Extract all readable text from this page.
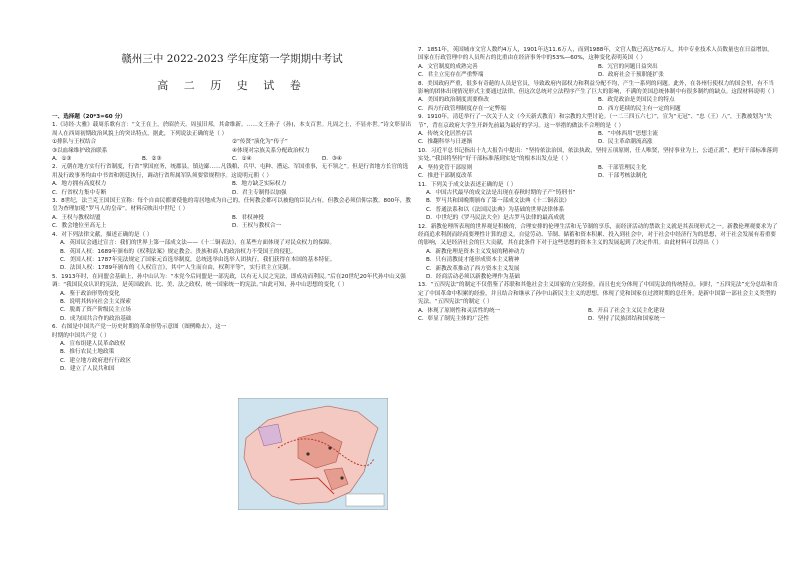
赣州三中 2022-2023 学年度第一学期期中考试
高 二 历 史 试 卷
一、选择题（20*3=60 分）

1.《诗经·大雅》载周乐歌有言：“文王在上，於昭於天。周虽旧邦，其命维新。……文王孙子（孙)，本支百世。凡周之士，不显亦世。”诗文彰显出周人在西周初期政治风貌上的突出特点，据此，下列说法正确的是（ ）

①排队与王权结合	②“传贤”演化为“传子”
③以血缘维护政治联系	④体现对宗族关系分配政治权力
A．①③	B．②③	C．①④	D．③④

2．元朝在地方实行行省制度，行省“掌国庶务，统郡县，镇边鄙……凡钱粮、兵甲、屯种、漕运、军国重事，无不领之”。但是行省地方长官的选用及行政事务均由中书省和朝廷执行，调动行省所属军队须要常规程序。这说明元朝（ ）

A．地方拥有高度权力	B．地方缺乏实际权力
C．行省权力集中专断	D．君主专制得以加强

3．8世纪，法兰克王国国王宣称：每个自由民都要使他的寄居地成为自己的，任何教会都可以被他的臣民占有，但教会必须信仰宗教。800年，教皇为查理加冕“罗马人的皇帝”。材料反映出中世纪（ ）

A．王权与教权结盟	B．君权神授
C．教会地位至高无上	D．王权与教权合一

4．对下列法律文献，描述正确的是（ ）

A．英国议会通过宣言：我们的世界上第一部成文法——《十二铜表法》，在某些方面体现了对民众权力的保障。

B．英国人权：1689年颁布的《权利法案》规定教会、贵族和商人的政治权力不受国王的侵犯。

C．美国人权：1787年宪法规定了国家元首选举制度，总统选举由选举人团执行，我们获得在本国的基本特征。

D．法国人权：1789年颁布的《人权宣言》，其中“人生而自由，权利平等”，实行君主立宪制。

5．1913年时，在同盟会基础上，孙中山认为：“本党今后同盟是一部宪政，以有无人民之宪法，即成功而利民。”后在20世纪20年代孙中山又强调：“我国民众认识的宪法，是英国政治、比、美、法之政权，统一国家统一的宪法。”由此可知，孙中山思想的变化（ ）

A．鉴于政治形势的变化

B．说明其转向社会主义探索

C．脱离了资产阶级民主立场

D．成为国共合作的政治基础

6．右图是中国共产党一历史时期的革命形势示意图（图例略去），这一时期的中国共产党（ ）

A．宣布组建人民革命政权

B．推行农民土地政策

C．建立地方政府进行行政区

D．建立了人民共和国

7．1851年，英国城市文官人数约4万人，1901年达11.6万人，而到1988年，文官人数已高达76万人，其中专业技术人员数量也在日益增加，国家在行政管理中的人员所占的比重由在经济事务中的53%—60%，这种变化表明英国（ ）

A．文官制度的成熟完善	B．冗官的问题日益突出
C．君主立宪存在严重弊端	D．政府社会干预职能扩张

8．美国政府严重，很多有奇葩的人员是官员，导致政府内部权力和利益分配不均，产生一系列的问题。此外，在各州行使权力的国会里，有不当影响的团体出现情况形式主要通过法律，但这次总统对立法程序产生了巨大的影响，不满的美国总统体制中有很多制约的缺点。这段材料说明（ ）

A．美国的政治制度需要修改	B．政党政治是美国民主的特点
C．西方行政管理制度存在一定弊端	D．西方延续的民主有一定的问题

9．1910年，清廷举行了一次关于人文（今天新式教育）和宗教的大型讨论。（一二三四五六七）”，宣为“无冠”、“忠（王）八”，王教被划为“失节”，背在京政府大学生开辟先前最为最好的学习。这一举措的做法不合理的是（ ）

A．传统文化居然存活	B．“中体西用”思想主流
C．推翻科举与日逐渐	D．民主革命潮流高涨

10．习近平总书记指出十九大报告中提出：“坚持依法治国，依法执政，坚持五项原则，任人唯贤，坚持事业为上，公道正派”，把好干部标准落到实处。”我国将坚持“好干部标准落到实处”的根本出发点是（ ）

A．坚持党管干部原则	B．干部管理民主化
C．推进干部制度改革	D．干部考核法制化

11．下列关于成文法表述正确的是（ ）

A．中国古代最早的成文法是出现在春秋时期的子产“铸刑书”

B．罗马共和国晚期颁布了第一部成文法典《十二铜表法》

C．普通法系和以《法国民法典》为基础的世界法律体系

D．中世纪的《罗马民法大全》是古罗马法律的最高成就

12．新教伦理所表现的世界观是积极的，合理安排的伦理生活和无节制的享乐，而经济活动的禁欲主义就是其表现形式之一。新教伦理观要求为了经商追求利润而经商要理性计算的意义，自觉劳动、节制、储蓄和资本积累、投入到社会中，对于社会中经济行为的思想，对于社会发展有着重要的影响，又是经济社会的巨大贡献，其在此条件下对于这些思想的资本主义的发展起到了决定作用。由此材料可以得出（ ）

A．新教伦理是资本主义发展的精神动力

B．只有清教徒才能形成资本主义精神

C．新教改革推动了西方资本主义发展

D．经商活动必须以新教伦理作为基础

13．“五四宪法”的制定不仅借鉴了苏联和其他社会主义国家的立宪经验，而且也充分体现了中国宪法的传统特点。同时，“五四宪法”充分总结和肯定了中国革命中积累的经验，并且结合和继承了孙中山新民主主义的思想，体现了党和国家在过渡时期的总任务，是新中国第一部社会主义类型的宪法。“五四宪法”的制定（ ）

A．体现了原则性和灵活性的统一	B．开启了社会主义民主化建设
C．彰显了制宪主体的广泛性	D．坚持了民族团结和国家统一
